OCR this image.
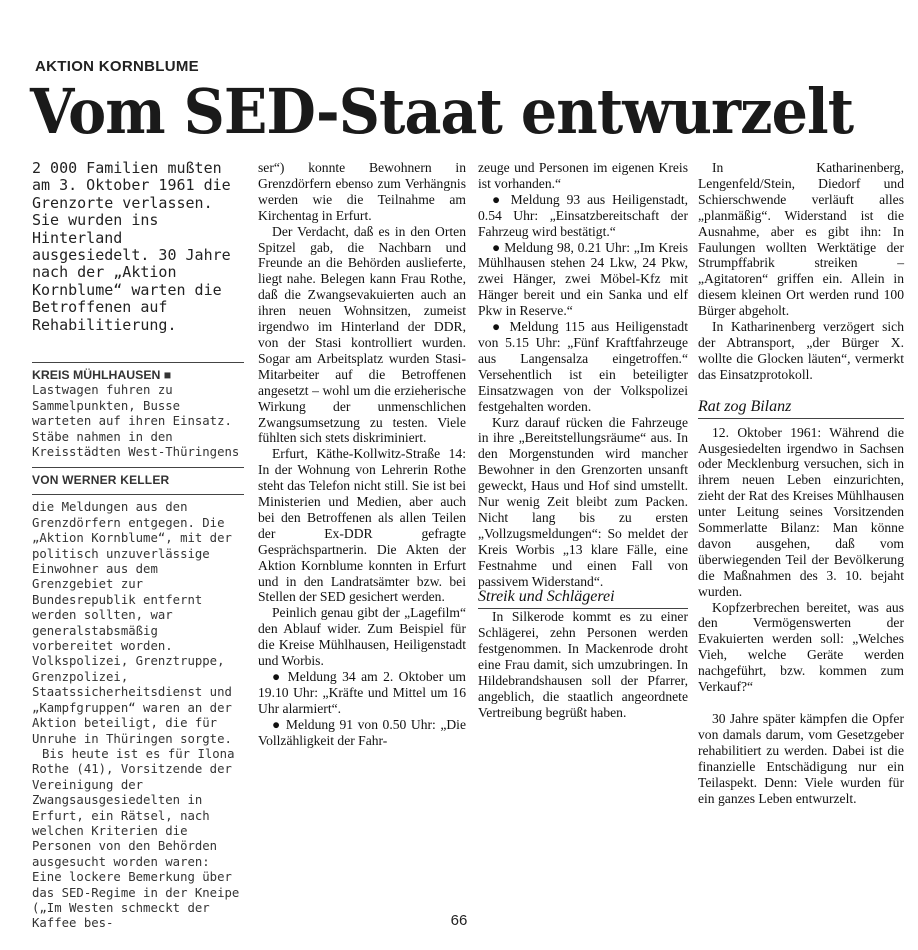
AKTION KORNBLUME
Vom SED-Staat entwurzelt
2 000 Familien mußten am 3. Oktober 1961 die Grenzorte verlassen. Sie wurden ins Hinterland ausgesiedelt. 30 Jahre nach der „Aktion Kornblume“ warten die Betroffenen auf Rehabilitierung.

KREIS MÜHLHAUSEN ■ Lastwagen fuhren zu Sammelpunkten, Busse warteten auf ihren Einsatz. Stäbe nahmen in den Kreisstädten West-Thüringens

VON WERNER KELLER

die Meldungen aus den Grenzdörfern entgegen. Die „Aktion Kornblume“, mit der politisch unzuverlässige Einwohner aus dem Grenzgebiet zur Bundesrepublik entfernt werden sollten, war generalstabsmäßig vorbereitet worden. Volkspolizei, Grenztruppe, Grenzpolizei, Staatssicherheitsdienst und „Kampfgruppen“ waren an der Aktion beteiligt, die für Unruhe in Thüringen sorgte.

Bis heute ist es für Ilona Rothe (41), Vorsitzende der Vereinigung der Zwangsausgesiedelten in Erfurt, ein Rätsel, nach welchen Kriterien die Personen von den Behörden ausgesucht worden waren: Eine lockere Bemerkung über das SED-Regime in der Kneipe („Im Westen schmeckt der Kaffee bes-

ser“) konnte Bewohnern in Grenzdörfern ebenso zum Verhängnis werden wie die Teilnahme am Kirchentag in Erfurt.

Der Verdacht, daß es in den Orten Spitzel gab, die Nachbarn und Freunde an die Behörden auslieferte, liegt nahe. Belegen kann Frau Rothe, daß die Zwangsevakuierten auch an ihren neuen Wohnsitzen, zumeist irgendwo im Hinterland der DDR, von der Stasi kontrolliert wurden. Sogar am Arbeitsplatz wurden Stasi-Mitarbeiter auf die Betroffenen angesetzt – wohl um die erzieherische Wirkung der unmenschlichen Zwangsumsetzung zu testen. Viele fühlten sich stets diskriminiert.

Erfurt, Käthe-Kollwitz-Straße 14: In der Wohnung von Lehrerin Rothe steht das Telefon nicht still. Sie ist bei Ministerien und Medien, aber auch bei den Betroffenen als allen Teilen der Ex-DDR gefragte Gesprächspartnerin. Die Akten der Aktion Kornblume konnten in Erfurt und in den Landratsämter bzw. bei Stellen der SED gesichert werden.

Peinlich genau gibt der „Lagefilm“ den Ablauf wider. Zum Beispiel für die Kreise Mühlhausen, Heiligenstadt und Worbis.

● Meldung 34 am 2. Oktober um 19.10 Uhr: „Kräfte und Mittel um 16 Uhr alarmiert“.

● Meldung 91 von 0.50 Uhr: „Die Vollzähligkeit der Fahr-

zeuge und Personen im eigenen Kreis ist vorhanden.“

● Meldung 93 aus Heiligenstadt, 0.54 Uhr: „Einsatzbereitschaft der Fahrzeug wird bestätigt.“

● Meldung 98, 0.21 Uhr: „Im Kreis Mühlhausen stehen 24 Lkw, 24 Pkw, zwei Hänger, zwei Möbel-Kfz mit Hänger bereit und ein Sanka und elf Pkw in Reserve.“

● Meldung 115 aus Heiligenstadt von 5.15 Uhr: „Fünf Kraftfahrzeuge aus Langensalza eingetroffen.“ Versehentlich ist ein beteiligter Einsatzwagen von der Volkspolizei festgehalten worden.

Kurz darauf rücken die Fahrzeuge in ihre „Bereitstellungsräume“ aus. In den Morgenstunden wird mancher Bewohner in den Grenzorten unsanft geweckt, Haus und Hof sind umstellt. Nur wenig Zeit bleibt zum Packen. Nicht lang bis zu ersten „Vollzugsmeldungen“: So meldet der Kreis Worbis „13 klare Fälle, eine Festnahme und einen Fall von passivem Widerstand“.

Streik und Schlägerei

In Silkerode kommt es zu einer Schlägerei, zehn Personen werden festgenommen. In Mackenrode droht eine Frau damit, sich umzubringen. In Hildebrandshausen soll der Pfarrer, angeblich, die staatlich angeordnete Vertreibung begrüßt haben.

In Katharinenberg, Lengenfeld/Stein, Diedorf und Schierschwende verläuft alles „planmäßig“. Widerstand ist die Ausnahme, aber es gibt ihn: In Faulungen wollten Werktätige der Strumpffabrik streiken – „Agitatoren“ griffen ein. Allein in diesem kleinen Ort werden rund 100 Bürger abgeholt.

In Katharinenberg verzögert sich der Abtransport, „der Bürger X. wollte die Glocken läuten“, vermerkt das Einsatzprotokoll.

Rat zog Bilanz

12. Oktober 1961: Während die Ausgesiedelten irgendwo in Sachsen oder Mecklenburg versuchen, sich in ihrem neuen Leben einzurichten, zieht der Rat des Kreises Mühlhausen unter Leitung seines Vorsitzenden Sommerlatte Bilanz: Man könne davon ausgehen, daß vom überwiegenden Teil der Bevölkerung die Maßnahmen des 3. 10. bejaht wurden.

Kopfzerbrechen bereitet, was aus den Vermögenswerten der Evakuierten werden soll: „Welches Vieh, welche Geräte werden nachgeführt, bzw. kommen zum Verkauf?“

30 Jahre später kämpfen die Opfer von damals darum, vom Gesetzgeber rehabilitiert zu werden. Dabei ist die finanzielle Entschädigung nur ein Teilaspekt. Denn: Viele wurden für ein ganzes Leben entwurzelt.

66
